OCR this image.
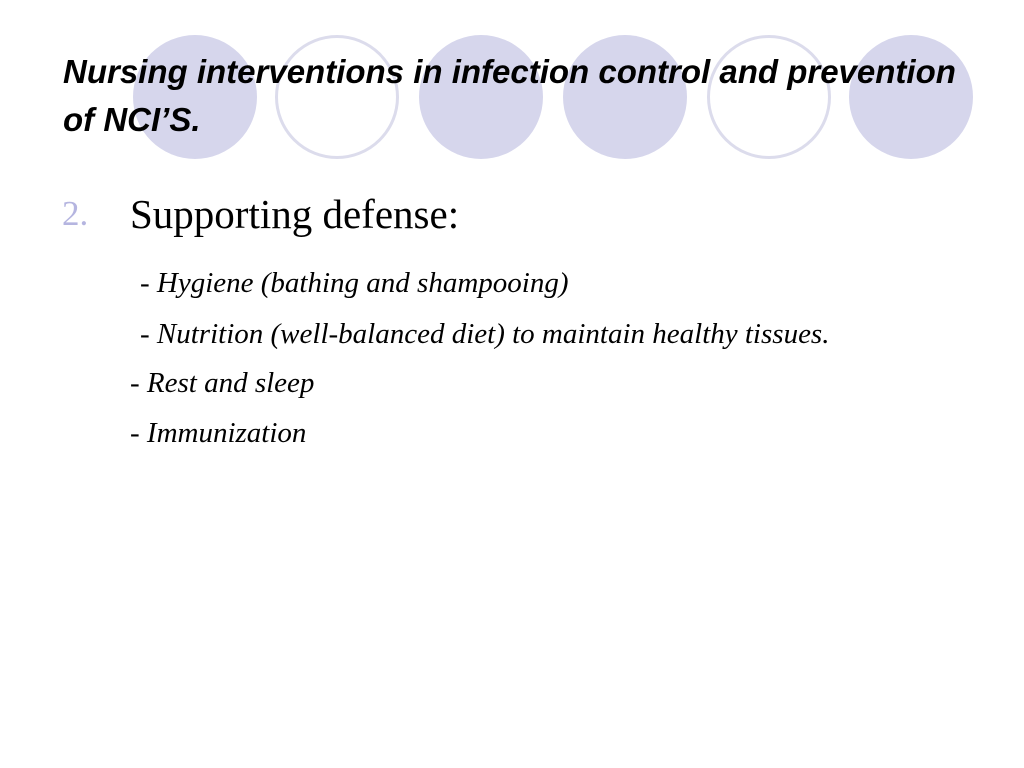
Nursing interventions in infection control and prevention of NCI’S.
2. Supporting defense:
- Hygiene (bathing and shampooing)
- Nutrition (well-balanced diet) to maintain healthy tissues.
- Rest and sleep
- Immunization
